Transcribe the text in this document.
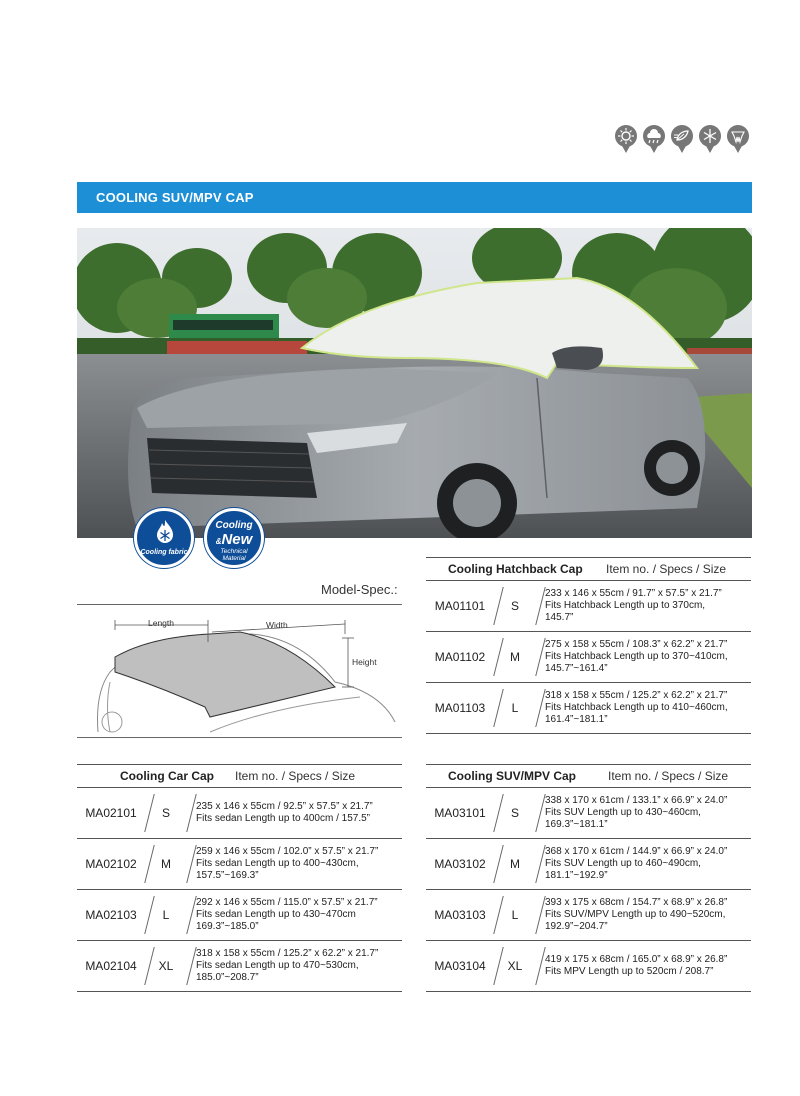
COOLING SUV/MPV CAP
Cooling fabric
Cooling
&New
Technical
Material
Model-Spec.:
Length	Width
Height
Cooling Hatchback Cap Item no. / Specs / Size
MA01101	S
233 x 146 x 55cm / 91.7” x 57.5” x 21.7”
Fits Hatchback Length up to 370cm,
145.7”
MA01102	M
275 x 158 x 55cm / 108.3” x 62.2” x 21.7”
Fits Hatchback Length up to 370~410cm,
145.7”~161.4”
MA01103	L
318 x 158 x 55cm / 125.2” x 62.2” x 21.7”
Fits Hatchback Length up to 410~460cm,
161.4”~181.1”
Cooling Car Cap Item no. / Specs / Size
MA02101	S	235 x 146 x 55cm / 92.5” x 57.5” x 21.7”
Fits sedan Length up to 400cm / 157.5”
MA02102	M
259 x 146 x 55cm / 102.0” x 57.5” x 21.7”
Fits sedan Length up to 400~430cm,
157.5”~169.3”
MA02103	L
292 x 146 x 55cm / 115.0” x 57.5” x 21.7”
Fits sedan Length up to 430~470cm
169.3”~185.0”
MA02104	XL
318 x 158 x 55cm / 125.2” x 62.2” x 21.7”
Fits sedan Length up to 470~530cm,
185.0”~208.7”
Cooling SUV/MPV Cap	Item no. / Specs / Size
MA03101	S
338 x 170 x 61cm / 133.1” x 66.9” x 24.0”
Fits SUV Length up to 430~460cm,
169.3”~181.1”
MA03102	M
368 x 170 x 61cm / 144.9” x 66.9” x 24.0”
Fits SUV Length up to 460~490cm,
181.1”~192.9”
MA03103	L
393 x 175 x 68cm / 154.7” x 68.9” x 26.8”
Fits SUV/MPV Length up to 490~520cm,
192.9”~204.7”
MA03104	XL	419 x 175 x 68cm / 165.0” x 68.9” x 26.8”
Fits MPV Length up to 520cm / 208.7”
